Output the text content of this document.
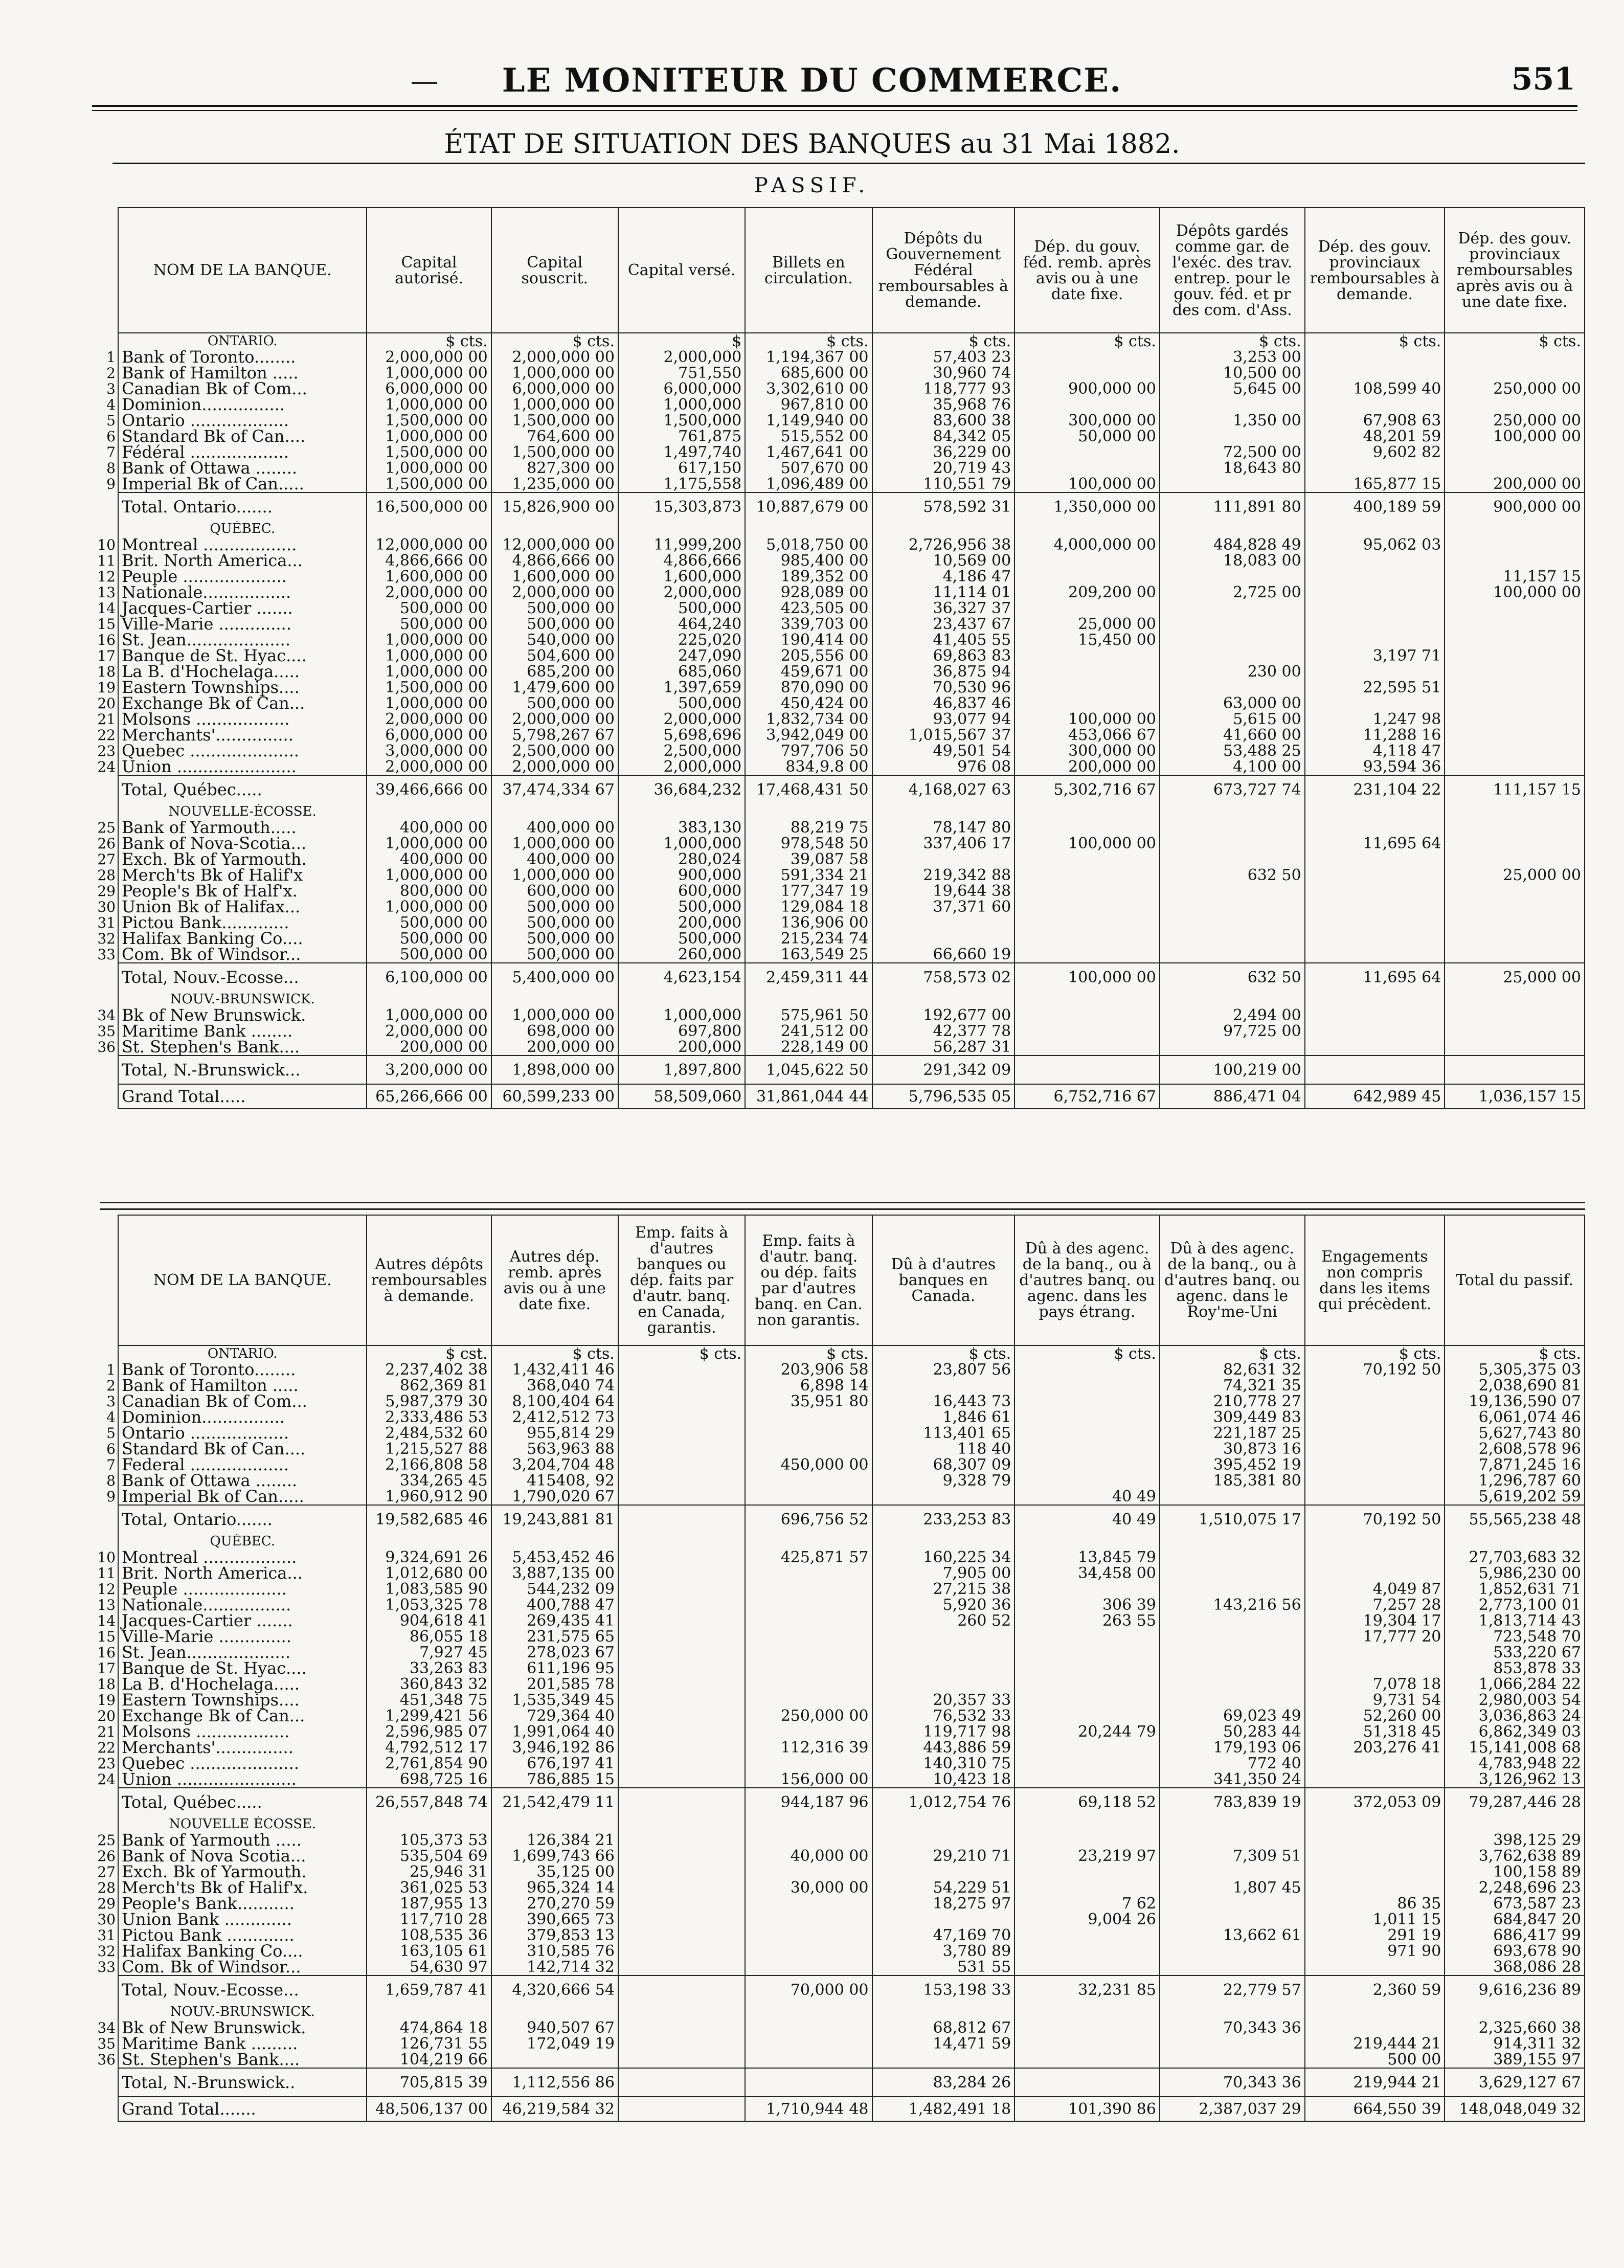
LE MONITEUR DU COMMERCE.	551
ÉTAT DE SITUATION DES BANQUES au 31 Mai 1882.
PASSIF.
NOM DE LA BANQUE.	Capital autorisé.	Capital souscrit.	Capital versé.	Billets en circulation.	Dépôts du Gouvernement Fédéral remboursables à demande.	Dép. du gouv. féd. remb. après avis ou à une date fixe.	Dépôts gardés comme gar. de l'exéc. des trav. entrep. pour le gouv. féd. et pr des com. d'Ass.	Dép. des gouv. provinciaux remboursables à demande.	Dép. des gouv. provinciaux remboursables après avis ou à une date fixe.
ONTARIO.	$ cts.	$ cts.	$	$ cts.	$ cts.	$ cts.	$ cts.	$ cts.	$ cts.

1 Bank of Toronto........	2,000,000 00	2,000,000 00	2,000,000	1,194,367 00	57,403 23		3,253 00		

2 Bank of Hamilton .....	1,000,000 00	1,000,000 00	751,550	685,600 00	30,960 74		10,500 00		

3 Canadian Bk of Com...	6,000,000 00	6,000,000 00	6,000,000	3,302,610 00	118,777 93	900,000 00	5,645 00	108,599 40	250,000 00

4 Dominion................	1,000,000 00	1,000,000 00	1,000,000	967,810 00	35,968 76				

5 Ontario ...................	1,500,000 00	1,500,000 00	1,500,000	1,149,940 00	83,600 38	300,000 00	1,350 00	67,908 63	250,000 00

6 Standard Bk of Can....	1,000,000 00	764,600 00	761,875	515,552 00	84,342 05	50,000 00		48,201 59	100,000 00

7 Fédéral ...................	1,500,000 00	1,500,000 00	1,497,740	1,467,641 00	36,229 00		72,500 00	9,602 82	

8 Bank of Ottawa ........	1,000,000 00	827,300 00	617,150	507,670 00	20,719 43		18,643 80		

9 Imperial Bk of Can.....	1,500,000 00	1,235,000 00	1,175,558	1,096,489 00	110,551 79	100,000 00		165,877 15	200,000 00
Total. Ontario.......	16,500,000 00	15,826,900 00	15,303,873	10,887,679 00	578,592 31	1,350,000 00	111,891 80	400,189 59	900,000 00
QUÉBEC.									

10 Montreal ..................	12,000,000 00	12,000,000 00	11,999,200	5,018,750 00	2,726,956 38	4,000,000 00	484,828 49	95,062 03	

11 Brit. North America...	4,866,666 00	4,866,666 00	4,866,666	985,400 00	10,569 00		18,083 00		

12 Peuple ....................	1,600,000 00	1,600,000 00	1,600,000	189,352 00	4,186 47				11,157 15

13 Nationale.................	2,000,000 00	2,000,000 00	2,000,000	928,089 00	11,114 01	209,200 00	2,725 00		100,000 00

14 Jacques-Cartier .......	500,000 00	500,000 00	500,000	423,505 00	36,327 37				

15 Ville-Marie ..............	500,000 00	500,000 00	464,240	339,703 00	23,437 67	25,000 00			

16 St. Jean....................	1,000,000 00	540,000 00	225,020	190,414 00	41,405 55	15,450 00			

17 Banque de St. Hyac....	1,000,000 00	504,600 00	247,090	205,556 00	69,863 83			3,197 71	

18 La B. d'Hochelaga.....	1,000,000 00	685,200 00	685,060	459,671 00	36,875 94		230 00		

19 Eastern Townships....	1,500,000 00	1,479,600 00	1,397,659	870,090 00	70,530 96			22,595 51	

20 Exchange Bk of Can...	1,000,000 00	500,000 00	500,000	450,424 00	46,837 46		63,000 00		

21 Molsons ..................	2,000,000 00	2,000,000 00	2,000,000	1,832,734 00	93,077 94	100,000 00	5,615 00	1,247 98	

22 Merchants'...............	6,000,000 00	5,798,267 67	5,698,696	3,942,049 00	1,015,567 37	453,066 67	41,660 00	11,288 16	

23 Quebec .....................	3,000,000 00	2,500,000 00	2,500,000	797,706 50	49,501 54	300,000 00	53,488 25	4,118 47	

24 Union .......................	2,000,000 00	2,000,000 00	2,000,000	834,9.8 00	976 08	200,000 00	4,100 00	93,594 36	
Total, Québec.....	39,466,666 00	37,474,334 67	36,684,232	17,468,431 50	4,168,027 63	5,302,716 67	673,727 74	231,104 22	111,157 15
NOUVELLE-ÉCOSSE.									

25 Bank of Yarmouth.....	400,000 00	400,000 00	383,130	88,219 75	78,147 80				

26 Bank of Nova-Scotia...	1,000,000 00	1,000,000 00	1,000,000	978,548 50	337,406 17	100,000 00		11,695 64	

27 Exch. Bk of Yarmouth.	400,000 00	400,000 00	280,024	39,087 58					

28 Merch'ts Bk of Halif'x	1,000,000 00	1,000,000 00	900,000	591,334 21	219,342 88		632 50		25,000 00

29 People's Bk of Half'x.	800,000 00	600,000 00	600,000	177,347 19	19,644 38				

30 Union Bk of Halifax...	1,000,000 00	500,000 00	500,000	129,084 18	37,371 60				

31 Pictou Bank.............	500,000 00	500,000 00	200,000	136,906 00					

32 Halifax Banking Co....	500,000 00	500,000 00	500,000	215,234 74					

33 Com. Bk of Windsor...	500,000 00	500,000 00	260,000	163,549 25	66,660 19				
Total, Nouv.-Ecosse...	6,100,000 00	5,400,000 00	4,623,154	2,459,311 44	758,573 02	100,000 00	632 50	11,695 64	25,000 00
NOUV.-BRUNSWICK.									

34 Bk of New Brunswick.	1,000,000 00	1,000,000 00	1,000,000	575,961 50	192,677 00		2,494 00		

35 Maritime Bank ........	2,000,000 00	698,000 00	697,800	241,512 00	42,377 78		97,725 00		

36 St. Stephen's Bank....	200,000 00	200,000 00	200,000	228,149 00	56,287 31				
Total, N.-Brunswick...	3,200,000 00	1,898,000 00	1,897,800	1,045,622 50	291,342 09		100,219 00		
Grand Total.....	65,266,666 00	60,599,233 00	58,509,060	31,861,044 44	5,796,535 05	6,752,716 67	886,471 04	642,989 45	1,036,157 15
NOM DE LA BANQUE.	Autres dépôts remboursables à demande.	Autres dép. remb. après avis ou à une date fixe.	Emp. faits à d'autres banques ou dép. faits par d'autr. banq. en Canada, garantis.	Emp. faits à d'autr. banq. ou dép. faits par d'autres banq. en Can. non garantis.	Dû à d'autres banques en Canada.	Dû à des agenc. de la banq., ou à d'autres banq. ou agenc. dans les pays étrang.	Dû à des agenc. de la banq., ou à d'autres banq. ou agenc. dans le Roy'me-Uni	Engagements non compris dans les items qui précèdent.	Total du passif.
ONTARIO.	$ cst.	$ cts.	$ cts.	$ cts.	$ cts.	$ cts.	$ cts.	$ cts.	$ cts.

1 Bank of Toronto........	2,237,402 38	1,432,411 46		203,906 58	23,807 56		82,631 32	70,192 50	5,305,375 03

2 Bank of Hamilton .....	862,369 81	368,040 74		6,898 14			74,321 35		2,038,690 81

3 Canadian Bk of Com...	5,987,379 30	8,100,404 64		35,951 80	16,443 73		210,778 27		19,136,590 07

4 Dominion................	2,333,486 53	2,412,512 73			1,846 61		309,449 83		6,061,074 46

5 Ontario ...................	2,484,532 60	955,814 29			113,401 65		221,187 25		5,627,743 80

6 Standard Bk of Can....	1,215,527 88	563,963 88			118 40		30,873 16		2,608,578 96

7 Federal ...................	2,166,808 58	3,204,704 48		450,000 00	68,307 09		395,452 19		7,871,245 16

8 Bank of Ottawa ........	334,265 45	415408, 92			9,328 79		185,381 80		1,296,787 60

9 Imperial Bk of Can.....	1,960,912 90	1,790,020 67				40 49			5,619,202 59
Total, Ontario.......	19,582,685 46	19,243,881 81		696,756 52	233,253 83	40 49	1,510,075 17	70,192 50	55,565,238 48
QUÉBEC.									

10 Montreal ..................	9,324,691 26	5,453,452 46		425,871 57	160,225 34	13,845 79			27,703,683 32

11 Brit. North America...	1,012,680 00	3,887,135 00			7,905 00	34,458 00			5,986,230 00

12 Peuple ....................	1,083,585 90	544,232 09			27,215 38			4,049 87	1,852,631 71

13 Nationale.................	1,053,325 78	400,788 47			5,920 36	306 39	143,216 56	7,257 28	2,773,100 01

14 Jacques-Cartier .......	904,618 41	269,435 41			260 52	263 55		19,304 17	1,813,714 43

15 Ville-Marie ..............	86,055 18	231,575 65						17,777 20	723,548 70

16 St. Jean....................	7,927 45	278,023 67							533,220 67

17 Banque de St. Hyac....	33,263 83	611,196 95							853,878 33

18 La B. d'Hochelaga.....	360,843 32	201,585 78						7,078 18	1,066,284 22

19 Eastern Townships....	451,348 75	1,535,349 45			20,357 33			9,731 54	2,980,003 54

20 Exchange Bk of Can...	1,299,421 56	729,364 40		250,000 00	76,532 33		69,023 49	52,260 00	3,036,863 24

21 Molsons ..................	2,596,985 07	1,991,064 40			119,717 98	20,244 79	50,283 44	51,318 45	6,862,349 03

22 Merchants'...............	4,792,512 17	3,946,192 86		112,316 39	443,886 59		179,193 06	203,276 41	15,141,008 68

23 Quebec .....................	2,761,854 90	676,197 41			140,310 75		772 40		4,783,948 22

24 Union .......................	698,725 16	786,885 15		156,000 00	10,423 18		341,350 24		3,126,962 13
Total, Québec.....	26,557,848 74	21,542,479 11		944,187 96	1,012,754 76	69,118 52	783,839 19	372,053 09	79,287,446 28
NOUVELLE ÉCOSSE.									

25 Bank of Yarmouth .....	105,373 53	126,384 21							398,125 29

26 Bank of Nova Scotia...	535,504 69	1,699,743 66		40,000 00	29,210 71	23,219 97	7,309 51		3,762,638 89

27 Exch. Bk of Yarmouth.	25,946 31	35,125 00							100,158 89

28 Merch'ts Bk of Halif'x.	361,025 53	965,324 14		30,000 00	54,229 51		1,807 45		2,248,696 23

29 People's Bank...........	187,955 13	270,270 59			18,275 97	7 62		86 35	673,587 23

30 Union Bank .............	117,710 28	390,665 73				9,004 26		1,011 15	684,847 20

31 Pictou Bank .............	108,535 36	379,853 13			47,169 70		13,662 61	291 19	686,417 99

32 Halifax Banking Co....	163,105 61	310,585 76			3,780 89			971 90	693,678 90

33 Com. Bk of Windsor...	54,630 97	142,714 32			531 55				368,086 28
Total, Nouv.-Ecosse...	1,659,787 41	4,320,666 54		70,000 00	153,198 33	32,231 85	22,779 57	2,360 59	9,616,236 89
NOUV.-BRUNSWICK.									

34 Bk of New Brunswick.	474,864 18	940,507 67			68,812 67		70,343 36		2,325,660 38

35 Maritime Bank .........	126,731 55	172,049 19			14,471 59			219,444 21	914,311 32

36 St. Stephen's Bank....	104,219 66							500 00	389,155 97
Total, N.-Brunswick..	705,815 39	1,112,556 86			83,284 26		70,343 36	219,944 21	3,629,127 67
Grand Total.......	48,506,137 00	46,219,584 32		1,710,944 48	1,482,491 18	101,390 86	2,387,037 29	664,550 39	148,048,049 32
